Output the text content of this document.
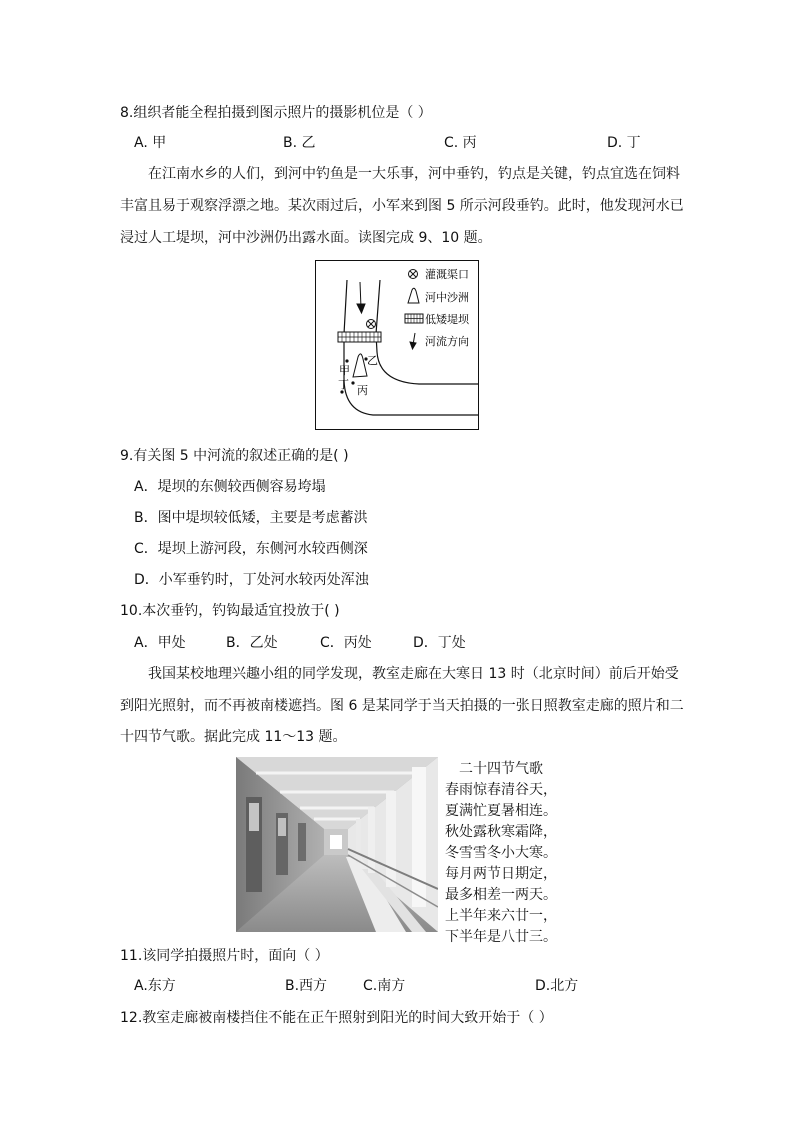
8.组织者能全程拍摄到图示照片的摄影机位是（ ）
A. 甲	B. 乙	C. 丙	D. 丁
在江南水乡的人们，到河中钓鱼是一大乐事，河中垂钓，钓点是关键，钓点宜选在饲料
丰富且易于观察浮漂之地。某次雨过后，小军来到图 5 所示河段垂钓。此时，他发现河水已
浸过人工堤坝，河中沙洲仍出露水面。读图完成 9、10 题。
甲
乙
丙
丁
灌溉渠口
河中沙洲
低矮堤坝
河流方向
9.有关图 5 中河流的叙述正确的是( )
A．堤坝的东侧较西侧容易垮塌
B．图中堤坝较低矮，主要是考虑蓄洪
C．堤坝上游河段，东侧河水较西侧深
D．小军垂钓时，丁处河水较丙处浑浊
10.本次垂钓，钓钩最适宜投放于( )
A．甲处	B．乙处	C．丙处	D．丁处
我国某校地理兴趣小组的同学发现，教室走廊在大寒日 13 时（北京时间）前后开始受
到阳光照射，而不再被南楼遮挡。图 6 是某同学于当天拍摄的一张日照教室走廊的照片和二
十四节气歌。据此完成 11～13 题。
二十四节气歌
春雨惊春清谷天，
夏满忙夏暑相连。
秋处露秋寒霜降，
冬雪雪冬小大寒。
每月两节日期定，
最多相差一两天。
上半年来六廿一，
下半年是八廿三。
11.该同学拍摄照片时，面向（ ）
A.东方	B.西方	C.南方	D.北方
12.教室走廊被南楼挡住不能在正午照射到阳光的时间大致开始于（ ）
